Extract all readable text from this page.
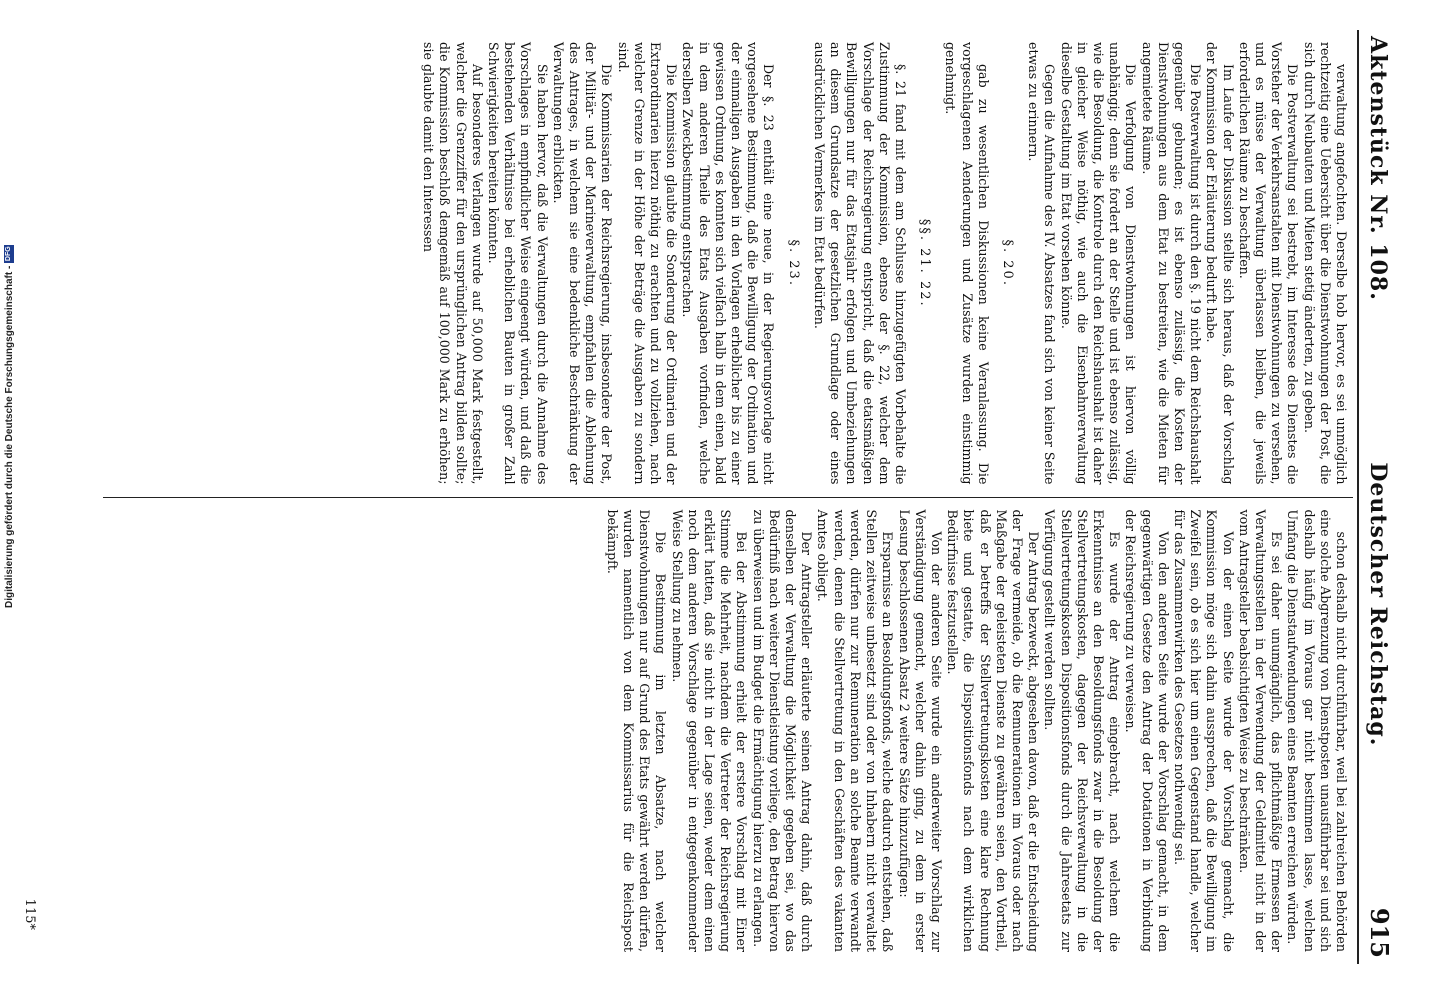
Aktenstück Nr. 108.
Deutscher Reichstag.
915

verwaltung angefochten. Derselbe hob hervor, es sei unmöglich rechtzeitig eine Uebersicht über die Dienstwohnungen der Post, die sich durch Neubauten und Mieten stetig änderten, zu geben.

Die Postverwaltung sei bestrebt, im Interesse des Dienstes die Vorsteher der Verkehrsanstalten mit Dienstwohnungen zu versehen, und es müsse der Verwaltung überlassen bleiben, die jeweils erforderlichen Räume zu beschaffen.

Im Laufe der Diskussion stellte sich heraus, daß der Vorschlag der Kommission der Erläuterung bedurft habe.

Die Postverwaltung ist durch den §. 19 nicht dem Reichshaushalt gegenüber gebunden; es ist ebenso zulässig, die Kosten der Dienstwohnungen aus dem Etat zu bestreiten, wie die Mieten für angemietete Räume.

Die Verfolgung von Dienstwohnungen ist hiervon völlig unabhängig; denn sie fordert an der Stelle und ist ebenso zulässig, wie die Besoldung, die Kontrole durch den Reichshaushalt ist daher in gleicher Weise nöthig, wie auch die Eisenbahnverwaltung dieselbe Gestaltung im Etat vorsehen könne.

Gegen die Aufnahme des IV. Absatzes fand sich von keiner Seite etwas zu erinnern.

§. 20.

gab zu wesentlichen Diskussionen keine Veranlassung. Die vorgeschlagenen Aenderungen und Zusätze wurden einstimmig genehmigt.

§§. 21. 22.

§. 21 fand mit dem am Schlusse hinzugefügten Vorbehalte die Zustimmung der Kommission, ebenso der §. 22, welcher dem Vorschlage der Reichsregierung entspricht, daß die etatsmäßigen Bewilligungen nur für das Etatsjahr erfolgen und Umbeziehungen an diesem Grundsatze der gesetzlichen Grundlage oder eines ausdrücklichen Vermerkes im Etat bedürfen.

§. 23.

Der §. 23 enthält eine neue, in der Regierungsvorlage nicht vorgesehene Bestimmung, daß die Bewilligung der Ordination und der einmaligen Ausgaben in den Vorlagen erheblicher bis zu einer gewissen Ordnung, es konnten sich vielfach halb in dem einen, bald in dem anderen Theile des Etats Ausgaben vorfinden, welche derselben Zweckbestimmung entsprachen.

Die Kommission glaubte die Sonderung der Ordinarien und der Extraordinarien hierzu nöthig zu erachten und zu vollziehen, nach welcher Grenze in der Höhe der Beträge die Ausgaben zu sondern sind.

Die Kommissarien der Reichsregierung, insbesondere der Post, der Militär- und der Marineverwaltung, empfahlen die Ablehnung des Antrages, in welchem sie eine bedenkliche Beschränkung der Verwaltungen erblickten.

Sie haben hervor, daß die Verwaltungen durch die Annahme des Vorschlages in empfindlicher Weise eingeengt würden, und daß die bestehenden Verhältnisse bei erheblichen Bauten in großer Zahl Schwierigkeiten bereiten könnten.

Auf besonderes Verlangen wurde auf 50,000 Mark festgestellt, welcher die Grenzziffer für den ursprünglichen Antrag bilden sollte; die Kommission beschloß demgemäß auf 100,000 Mark zu erhöhen; sie glaubte damit den Interessen

schon deshalb nicht durchführbar, weil bei zahlreichen Behörden eine solche Abgrenzung von Dienstposten unausführbar sei und sich deshalb häufig im Voraus gar nicht bestimmen lasse, welchen Umfang die Dienstaufwendungen eines Beamten erreichen würden.

Es sei daher unumgänglich, das pflichtmäßige Ermessen der Verwaltungsstellen in der Verwendung der Geldmittel nicht in der vom Antragsteller beabsichtigten Weise zu beschränken.

Von der einen Seite wurde der Vorschlag gemacht, die Kommission möge sich dahin aussprechen, daß die Bewilligung im Zweifel sein, ob es sich hier um einen Gegenstand handle, welcher für das Zusammenwirken des Gesetzes nothwendig sei.

Von den anderen Seite wurde der Vorschlag gemacht, in dem gegenwärtigen Gesetze den Antrag der Dotationen in Verbindung der Reichsregierung zu verweisen.

Es wurde der Antrag eingebracht, nach welchem die Erkenntnisse an den Besoldungsfonds zwar in die Besoldung der Stellvertretungskosten, dagegen der Reichsverwaltung in die Stellvertretungskosten Dispositionsfonds durch die Jahresetats zur Verfügung gestellt werden sollten.

Der Antrag bezweckt, abgesehen davon, daß er die Entscheidung der Frage vermeide, ob die Remunerationen im Voraus oder nach Maßgabe der geleisteten Dienste zu gewähren seien, den Vortheil, daß er betreffs der Stellvertretungskosten eine klare Rechnung biete und gestatte, die Dispositionsfonds nach dem wirklichen Bedürfnisse festzustellen.

Von der anderen Seite wurde ein anderweiter Vorschlag zur Verständigung gemacht, welcher dahin ging, zu dem in erster Lesung beschlossenen Absatz 2 weitere Sätze hinzuzufügen:

Ersparnisse an Besoldungsfonds, welche dadurch entstehen, daß Stellen zeitweise unbesetzt sind oder von Inhabern nicht verwaltet werden, dürfen nur zur Remuneration an solche Beamte verwandt werden, denen die Stellvertretung in den Geschäften des vakanten Amtes obliegt.

Der Antragsteller erläuterte seinen Antrag dahin, daß durch denselben der Verwaltung die Möglichkeit gegeben sei, wo das Bedürfniß nach weiterer Dienstleistung vorliege, den Betrag hiervon zu überweisen und im Budget die Ermächtigung hierzu zu erlangen.

Bei der Abstimmung erhielt der erstere Vorschlag mit Einer Stimme die Mehrheit, nachdem die Vertreter der Reichsregierung erklärt hatten, daß sie nicht in der Lage seien, weder dem einen noch dem anderen Vorschlage gegenüber in entgegenkommender Weise Stellung zu nehmen.

Die Bestimmung im letzten Absatze, nach welcher Dienstwohnungen nur auf Grund des Etats gewährt werden dürfen, wurden namentlich von dem Kommissarius für die Reichspost bekämpft.

115*
Digitalisierung gefördert durch die Deutsche Forschungsgemeinschaft -DFG
